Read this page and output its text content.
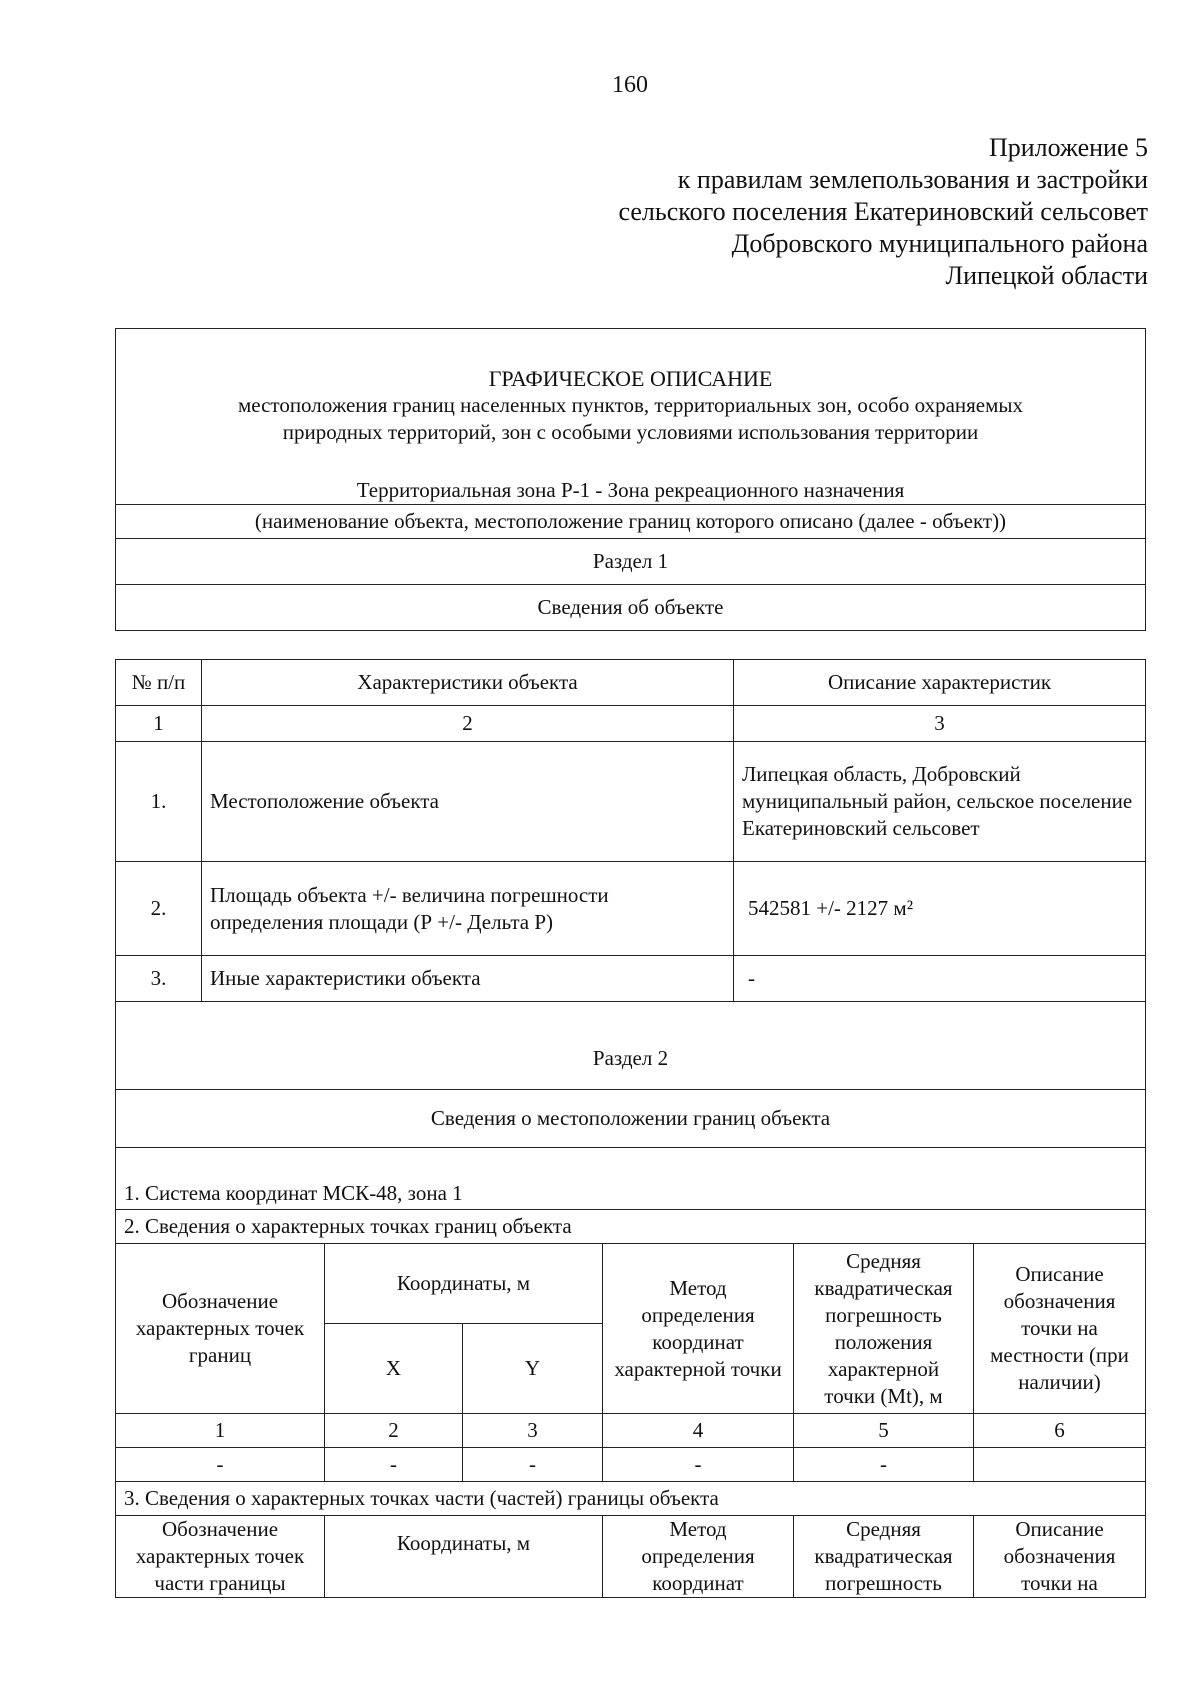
160
Приложение 5
к правилам землепользования и застройки
сельского поселения Екатериновский сельсовет
Добровского муниципального района
Липецкой области
ГРАФИЧЕСКОЕ ОПИСАНИЕ
местоположения границ населенных пунктов, территориальных зон, особо охраняемых
природных территорий, зон с особыми условиями использования территории

Территориальная зона Р-1 - Зона рекреационного назначения
(наименование объекта, местоположение границ которого описано (далее - объект))
Раздел 1
Сведения об объекте
№ п/п	Характеристики объекта	Описание характеристик
1	2	3
1.	Местоположение объекта	Липецкая область, Добровский муниципальный район, сельское поселение Екатериновский сельсовет
2.	Площадь объекта +/- величина погрешности определения площади (Р +/- Дельта Р)	542581 +/- 2127 м²
3.	Иные характеристики объекта	-
Раздел 2					
Сведения о местоположении границ объекта					
1. Система координат МСК-48, зона 1					
2. Сведения о характерных точках границ объекта					
Обозначение характерных точек границ	Координаты, м		Метод определения координат характерной точки	Средняя квадратическая погрешность положения характерной точки (Mt), м	Описание обозначения точки на местности (при наличии)
	X	Y			
1	2	3	4	5	6
-	-	-	-	-	
3. Сведения о характерных точках части (частей) границы объекта					
Обозначение характерных точек части границы	Координаты, м		Метод определения координат	Средняя квадратическая погрешность	Описание обозначения точки на
